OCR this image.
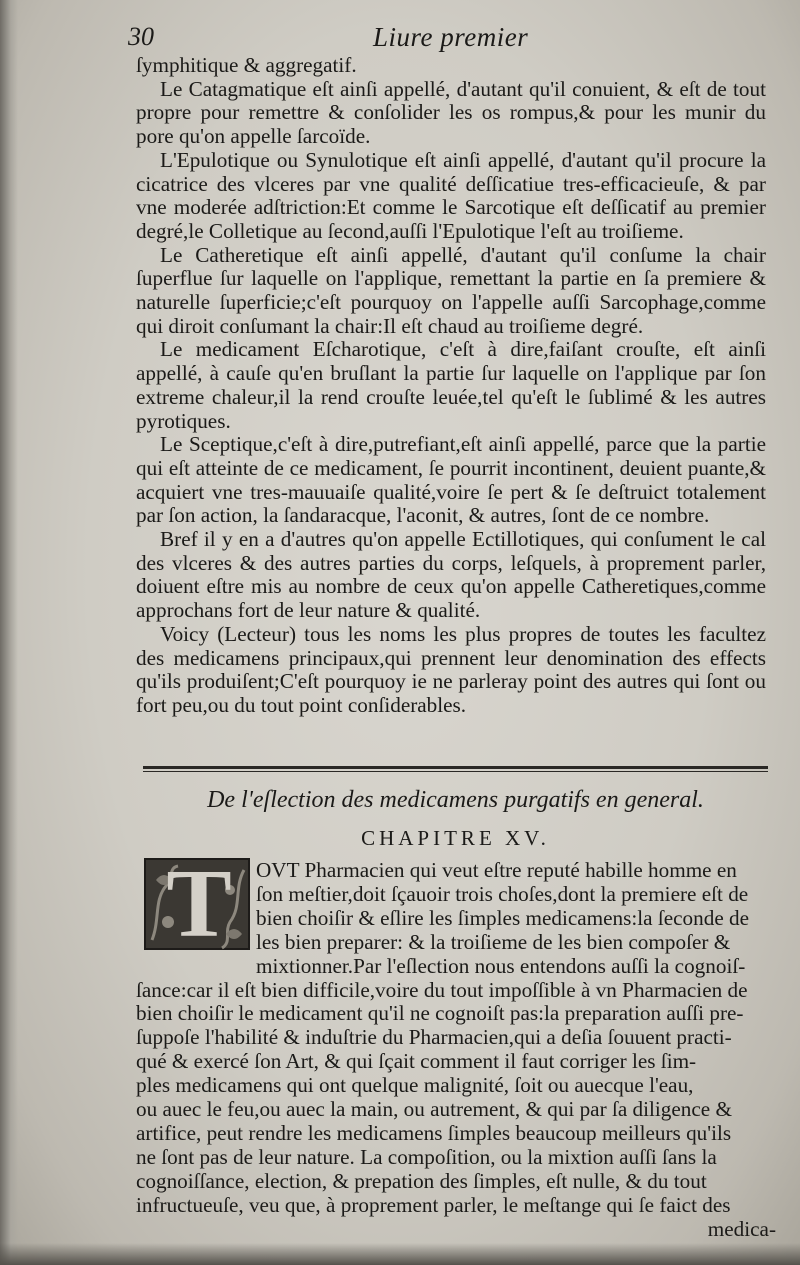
30	Liure premier

ſymphitique & aggregatif.

Le Catagmatique eſt ainſi appellé, d'autant qu'il conuient, & eſt de tout propre pour remettre & conſolider les os rompus,& pour les munir du pore qu'on appelle ſarcoïde.

L'Epulotique ou Synulotique eſt ainſi appellé, d'autant qu'il procure la cicatrice des vlceres par vne qualité deſſicatiue tres-efficacieuſe, & par vne moderée adſtriction:Et comme le Sarcotique eſt deſſicatif au premier degré,le Colletique au ſecond,auſſi l'Epulotique l'eſt au troiſieme.

Le Catheretique eſt ainſi appellé, d'autant qu'il conſume la chair ſuperflue ſur laquelle on l'applique, remettant la partie en ſa premiere & naturelle ſuperficie;c'eſt pourquoy on l'appelle auſſi Sarcophage,comme qui diroit conſumant la chair:Il eſt chaud au troiſieme degré.

Le medicament Eſcharotique, c'eſt à dire,faiſant crouſte, eſt ainſi appellé, à cauſe qu'en bruſlant la partie ſur laquelle on l'applique par ſon extreme chaleur,il la rend crouſte leuée,tel qu'eſt le ſublimé & les autres pyrotiques.

Le Sceptique,c'eſt à dire,putrefiant,eſt ainſi appellé, parce que la partie qui eſt atteinte de ce medicament, ſe pourrit incontinent, deuient puante,& acquiert vne tres-mauuaiſe qualité,voire ſe pert & ſe deſtruict totalement par ſon action, la ſandaracque, l'aconit, & autres, ſont de ce nombre.

Bref il y en a d'autres qu'on appelle Ectillotiques, qui conſument le cal des vlceres & des autres parties du corps, leſquels, à proprement parler, doiuent eſtre mis au nombre de ceux qu'on appelle Catheretiques,comme approchans fort de leur nature & qualité.

Voicy (Lecteur) tous les noms les plus propres de toutes les facultez des medicamens principaux,qui prennent leur denomination des effects qu'ils produiſent;C'eſt pourquoy ie ne parleray point des autres qui ſont ou fort peu,ou du tout point conſiderables.

De l'eſlection des medicamens purgatifs en general.
CHAPITRE XV.
T	OVT Pharmacien qui veut eſtre reputé habille homme en
ſon meſtier,doit ſçauoir trois choſes,dont la premiere eſt de
bien choiſir & eſlire les ſimples medicamens:la ſeconde de
les bien preparer: & la troiſieme de les bien compoſer &
mixtionner.Par l'eſlection nous entendons auſſi la cognoiſ-
ſance:car il eſt bien difficile,voire du tout impoſſible à vn Pharmacien de
bien choiſir le medicament qu'il ne cognoiſt pas:la preparation auſſi pre-
ſuppoſe l'habilité & induſtrie du Pharmacien,qui a deſia ſouuent practi-
qué & exercé ſon Art, & qui ſçait comment il faut corriger les ſim-
ples medicamens qui ont quelque malignité, ſoit ou auecque l'eau,
ou auec le feu,ou auec la main, ou autrement, & qui par ſa diligence &
artifice, peut rendre les medicamens ſimples beaucoup meilleurs qu'ils
ne ſont pas de leur nature. La compoſition, ou la mixtion auſſi ſans la
cognoiſſance, election, & prepation des ſimples, eſt nulle, & du tout
infructueuſe, veu que, à proprement parler, le meſtange qui ſe faict des
medica-
